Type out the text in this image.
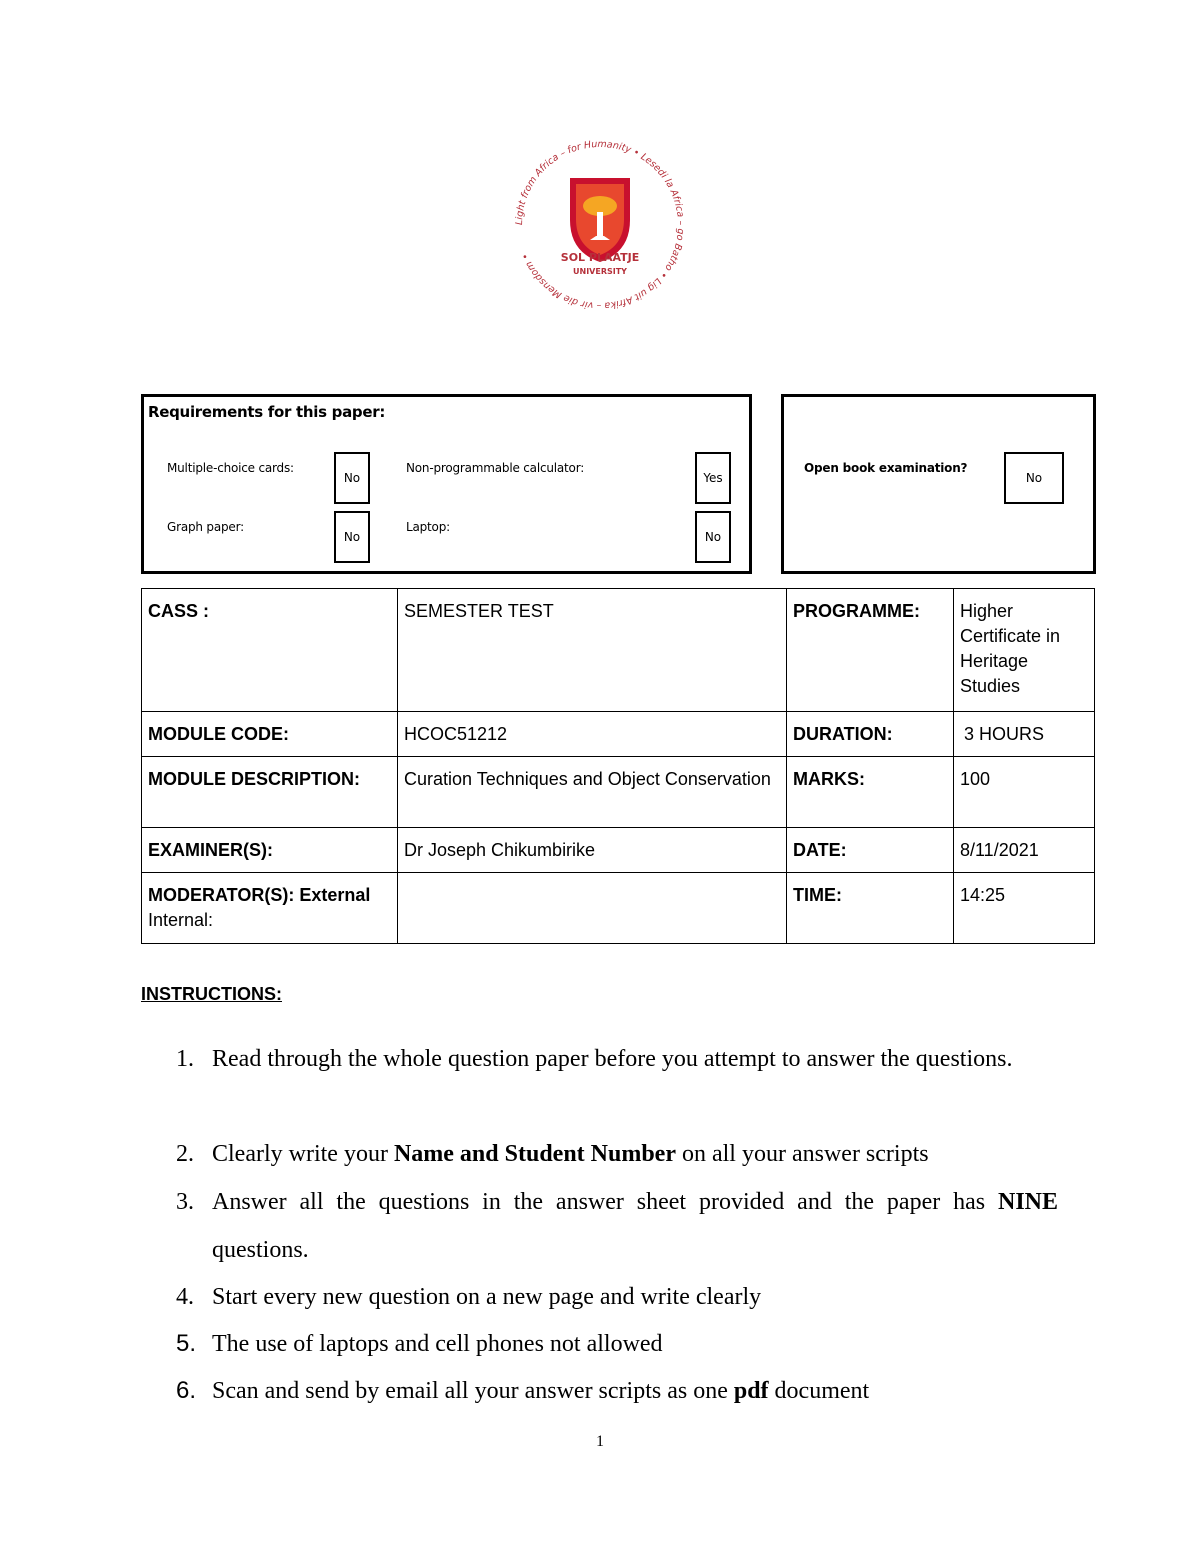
Light from Africa – for Humanity • Lesedi la Africa – go Batho • Lig uit Afrika – vir die Mensdom •	SOL PLAATJE
UNIVERSITY
Requirements for this paper:
Multiple-choice cards:
No
Non-programmable calculator:
Yes
Graph paper:
No
Laptop:
No
Open book examination?
No
CASS :	SEMESTER TEST	PROGRAMME:	Higher Certificate in Heritage Studies
MODULE CODE:	HCOC51212	DURATION:	3 HOURS
MODULE DESCRIPTION:	Curation Techniques and Object Conservation	MARKS:	100
EXAMINER(S):	Dr Joseph Chikumbirike	DATE:	8/11/2021
MODERATOR(S): External
Internal:		TIME:	14:25
INSTRUCTIONS:
1. Read through the whole question paper before you attempt to answer the questions.
2. Clearly write your Name and Student Number on all your answer scripts
3. Answer all the questions in the answer sheet provided and the paper has NINE questions.
4. Start every new question on a new page and write clearly
5. The use of laptops and cell phones not allowed
6. Scan and send by email all your answer scripts as one pdf document
1
